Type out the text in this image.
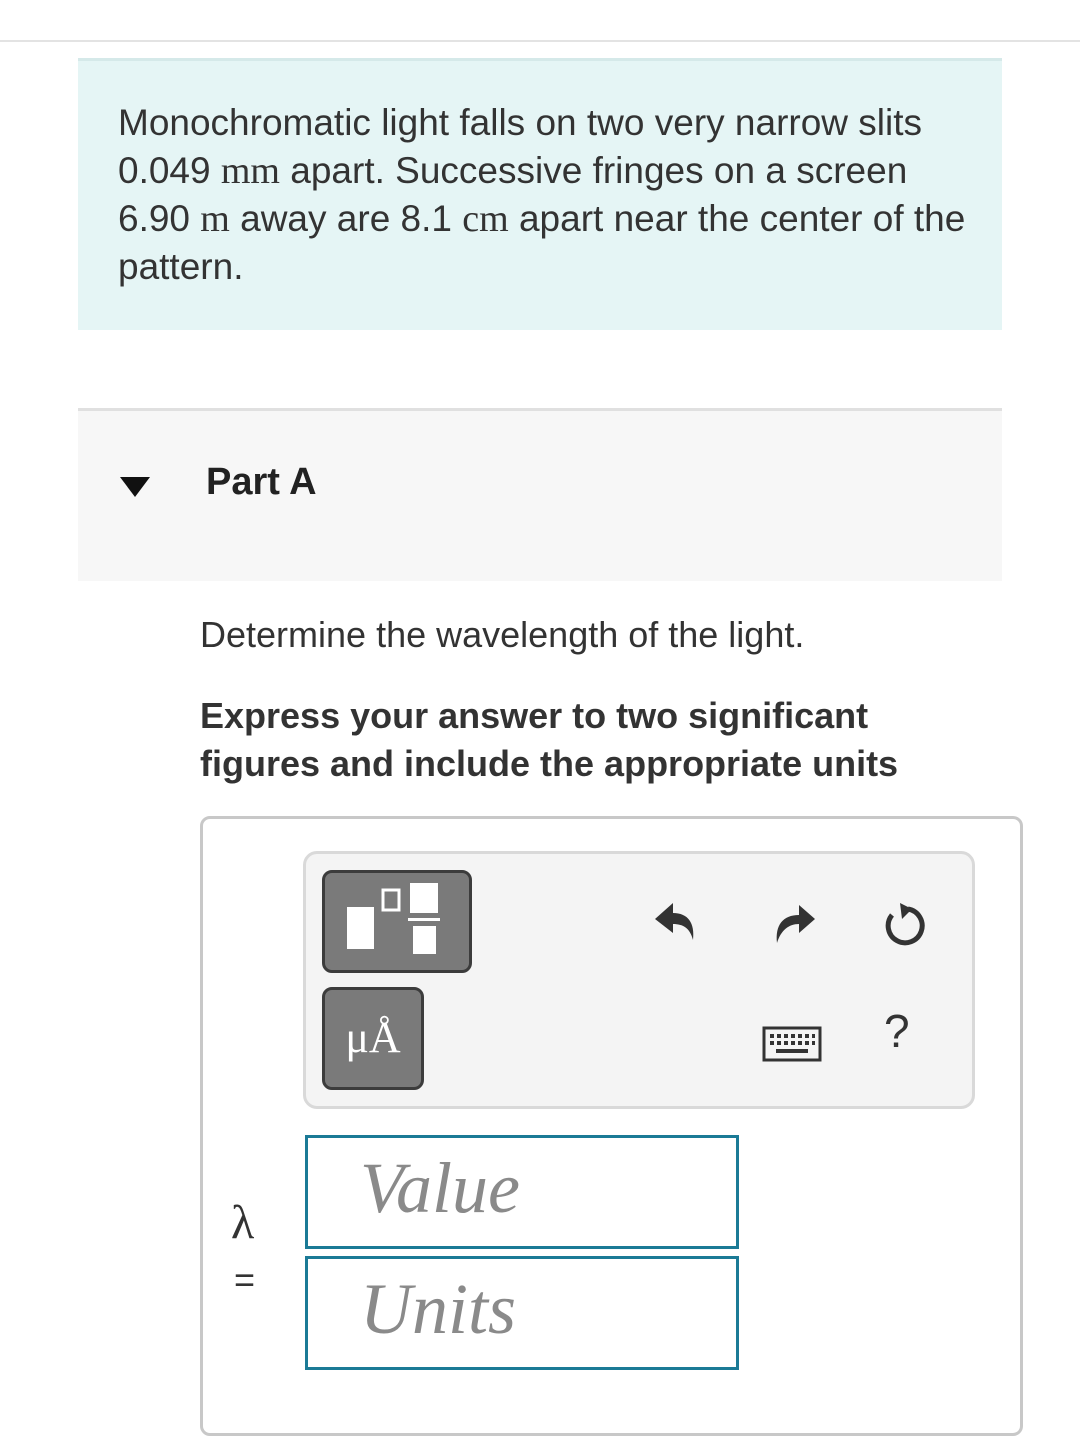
Monochromatic light falls on two very narrow slits 0.049 mm apart. Successive fringes on a screen 6.90 m away are 8.1 cm apart near the center of the pattern.
Part A
Determine the wavelength of the light.
Express your answer to two significant figures and include the appropriate units
μÅ	?
λ
=
Value
Units
